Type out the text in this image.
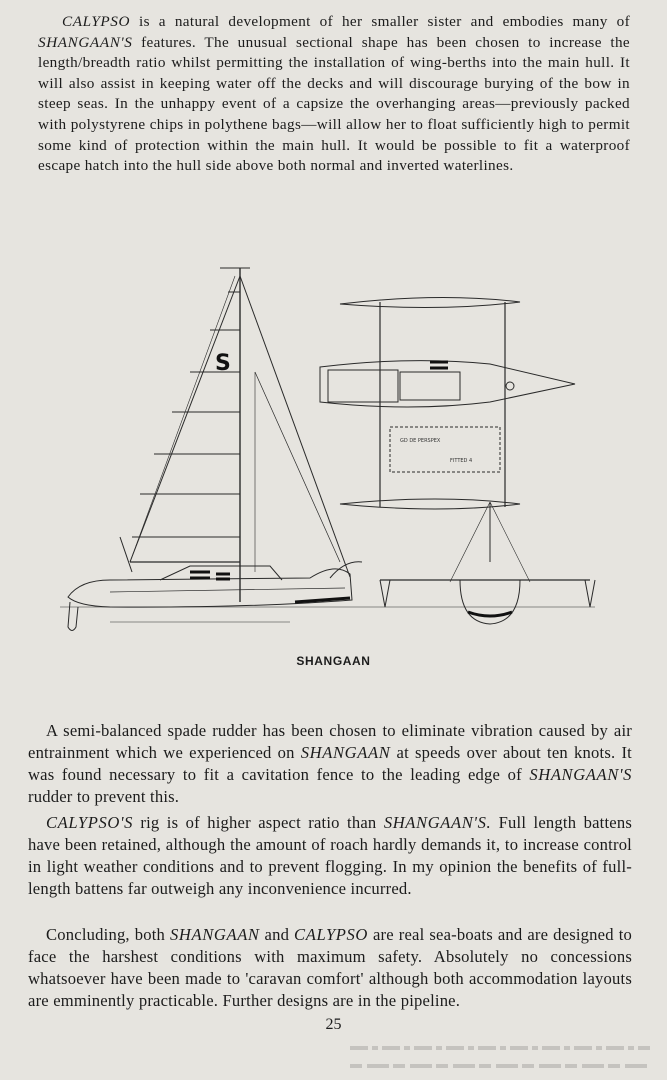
CALYPSO is a natural development of her smaller sister and embodies many of SHANGAAN'S features. The unusual sectional shape has been chosen to increase the length/breadth ratio whilst permitting the installation of wing-berths into the main hull. It will also assist in keeping water off the decks and will discourage burying of the bow in steep seas. In the unhappy event of a capsize the overhanging areas—previously packed with polystyrene chips in polythene bags—will allow her to float sufficiently high to permit some kind of protection within the main hull. It would be possible to fit a waterproof escape hatch into the hull side above both normal and inverted waterlines.

S
GD DE PERSPEX
FITTED 4

SHANGAAN

A semi-balanced spade rudder has been chosen to eliminate vibration caused by air entrainment which we experienced on SHANGAAN at speeds over about ten knots. It was found necessary to fit a cavitation fence to the leading edge of SHANGAAN'S rudder to prevent this.

CALYPSO'S rig is of higher aspect ratio than SHANGAAN'S. Full length battens have been retained, although the amount of roach hardly demands it, to increase control in light weather conditions and to prevent flogging. In my opinion the benefits of full-length battens far outweigh any inconvenience incurred.

Concluding, both SHANGAAN and CALYPSO are real sea-boats and are designed to face the harshest conditions with maximum safety. Absolutely no concessions whatsoever have been made to 'caravan comfort' although both accommodation layouts are emminently practicable. Further designs are in the pipeline.

25
